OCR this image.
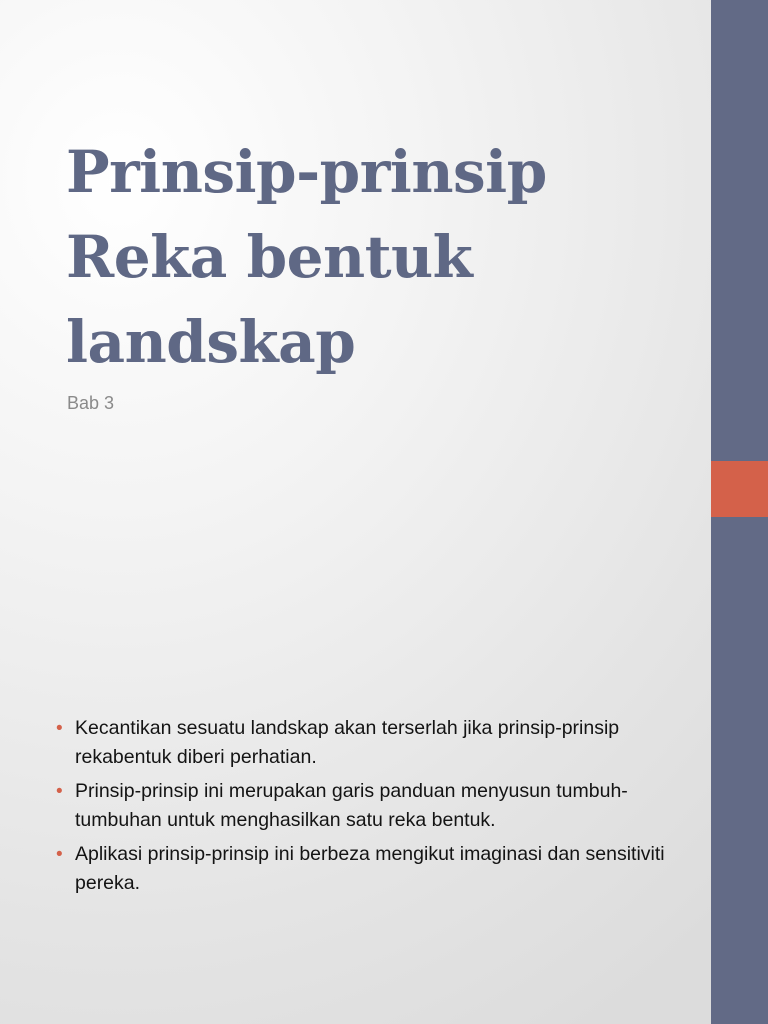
Prinsip-prinsip
Reka bentuk
landskap

Bab 3

• Kecantikan sesuatu landskap akan terserlah jika prinsip-prinsip rekabentuk diberi perhatian.
• Prinsip-prinsip ini merupakan garis panduan menyusun tumbuh-tumbuhan untuk menghasilkan satu reka bentuk.
• Aplikasi prinsip-prinsip ini berbeza mengikut imaginasi dan sensitiviti pereka.
